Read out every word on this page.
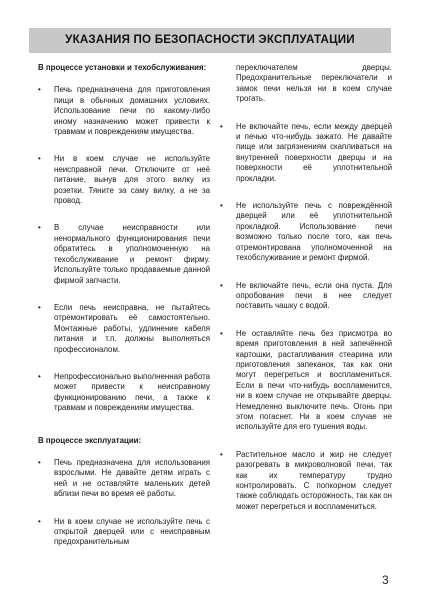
УКАЗАНИЯ ПО БЕЗОПАСНОСТИ ЭКСПЛУАТАЦИИ
В процессе установки и техобслуживания:
• Печь предназначена для приготовления пищи в обычных домашних условиях. Использование печи по какому-либо иному назначению может привести к травмам и повреждениям имущества.
• Ни в коем случае не используйте неисправной печи. Отключите от неё питание, вынув для этого вилку из розетки. Тяните за саму вилку, а не за провод.
• В случае неисправности или ненормального функционирования печи обратитесь в уполномоченную на техобслуживание и ремонт фирму. Используйте только продаваемые данной фирмой запчасти.
• Если печь неисправна, не пытайтесь отремонтировать её самостоятельно. Монтажные работы, удлинение кабеля питания и т.п. должны выполняться профессионалом.
• Непрофессионально выполненная работа может привести к неисправному функционированию печи, а также к травмам и повреждениям имущества.
В процессе эксплуатации:
• Печь предназначена для использования взрослыми. Не давайте детям играть с ней и не оставляйте маленьких детей вблизи печи во время её работы.
• Ни в коем случае не используйте печь с открытой дверцей или с неисправным предохранительным
переключателем дверцы. Предохранительные переключатели и замок печи нельзя ни в коем случае трогать.
• Не включайте печь, если между дверцей и печью что-нибудь зажато. Не давайте пище или загрязнениям скапливаться на внутренней поверхности дверцы и на поверхности её уплотнительной прокладки.
• Не используйте печь с повреждённой дверцей или её уплотнительной прокладкой. Использование печи возможно только после того, как печь отремонтирована уполномоченной на техобслуживание и ремонт фирмой.
• Не включайте печь, если она пуста. Для опробования печи в нее следует поставить чашку с водой.
• Не оставляйте печь без присмотра во время приготовления в ней запечённой картошки, растапливания стеарина или приготовления запеканок, так как они могут перегреться и воспламениться. Если в печи что-нибудь воспламенится, ни в коем случае не открывайте дверцы. Немедленно выключите печь. Огонь при этом погаснет. Ни в коем случае не используйте для его тушения воды.
• Растительное масло и жир не следует разогревать в микроволновой печи, так как их температуру трудно контролировать. С попкорном следует также соблюдать осторожность, так как он может перегреться и воспламениться.
3
